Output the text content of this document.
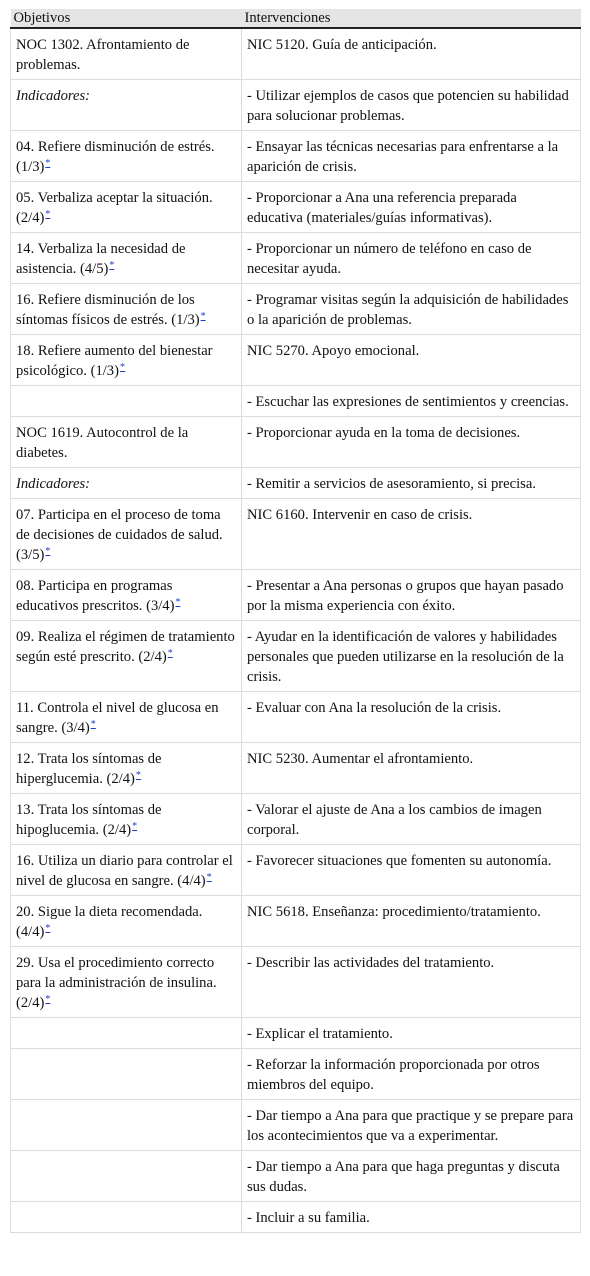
Objetivos	Intervenciones
NOC 1302. Afrontamiento de problemas.	NIC 5120. Guía de anticipación.
Indicadores:	- Utilizar ejemplos de casos que potencien su habilidad para solucionar problemas.
04. Refiere disminución de estrés. (1/3)*	- Ensayar las técnicas necesarias para enfrentarse a la aparición de crisis.
05. Verbaliza aceptar la situación. (2/4)*	- Proporcionar a Ana una referencia preparada educativa (materiales/guías informativas).
14. Verbaliza la necesidad de asistencia. (4/5)*	- Proporcionar un número de teléfono en caso de necesitar ayuda.
16. Refiere disminución de los síntomas físicos de estrés. (1/3)*	- Programar visitas según la adquisición de habilidades o la aparición de problemas.
18. Refiere aumento del bienestar psicológico. (1/3)*	NIC 5270. Apoyo emocional.
	- Escuchar las expresiones de sentimientos y creencias.
NOC 1619. Autocontrol de la diabetes.	- Proporcionar ayuda en la toma de decisiones.
Indicadores:	- Remitir a servicios de asesoramiento, si precisa.
07. Participa en el proceso de toma de decisiones de cuidados de salud. (3/5)*	NIC 6160. Intervenir en caso de crisis.
08. Participa en programas educativos prescritos. (3/4)*	- Presentar a Ana personas o grupos que hayan pasado por la misma experiencia con éxito.
09. Realiza el régimen de tratamiento según esté prescrito. (2/4)*	- Ayudar en la identificación de valores y habilidades personales que pueden utilizarse en la resolución de la crisis.
11. Controla el nivel de glucosa en sangre. (3/4)*	- Evaluar con Ana la resolución de la crisis.
12. Trata los síntomas de hiperglucemia. (2/4)*	NIC 5230. Aumentar el afrontamiento.
13. Trata los síntomas de hipoglucemia. (2/4)*	- Valorar el ajuste de Ana a los cambios de imagen corporal.
16. Utiliza un diario para controlar el nivel de glucosa en sangre. (4/4)*	- Favorecer situaciones que fomenten su autonomía.
20. Sigue la dieta recomendada. (4/4)*	NIC 5618. Enseñanza: procedimiento/tratamiento.
29. Usa el procedimiento correcto para la administración de insulina. (2/4)*	- Describir las actividades del tratamiento.
	- Explicar el tratamiento.
	- Reforzar la información proporcionada por otros miembros del equipo.
	- Dar tiempo a Ana para que practique y se prepare para los acontecimientos que va a experimentar.
	- Dar tiempo a Ana para que haga preguntas y discuta sus dudas.
	- Incluir a su familia.
